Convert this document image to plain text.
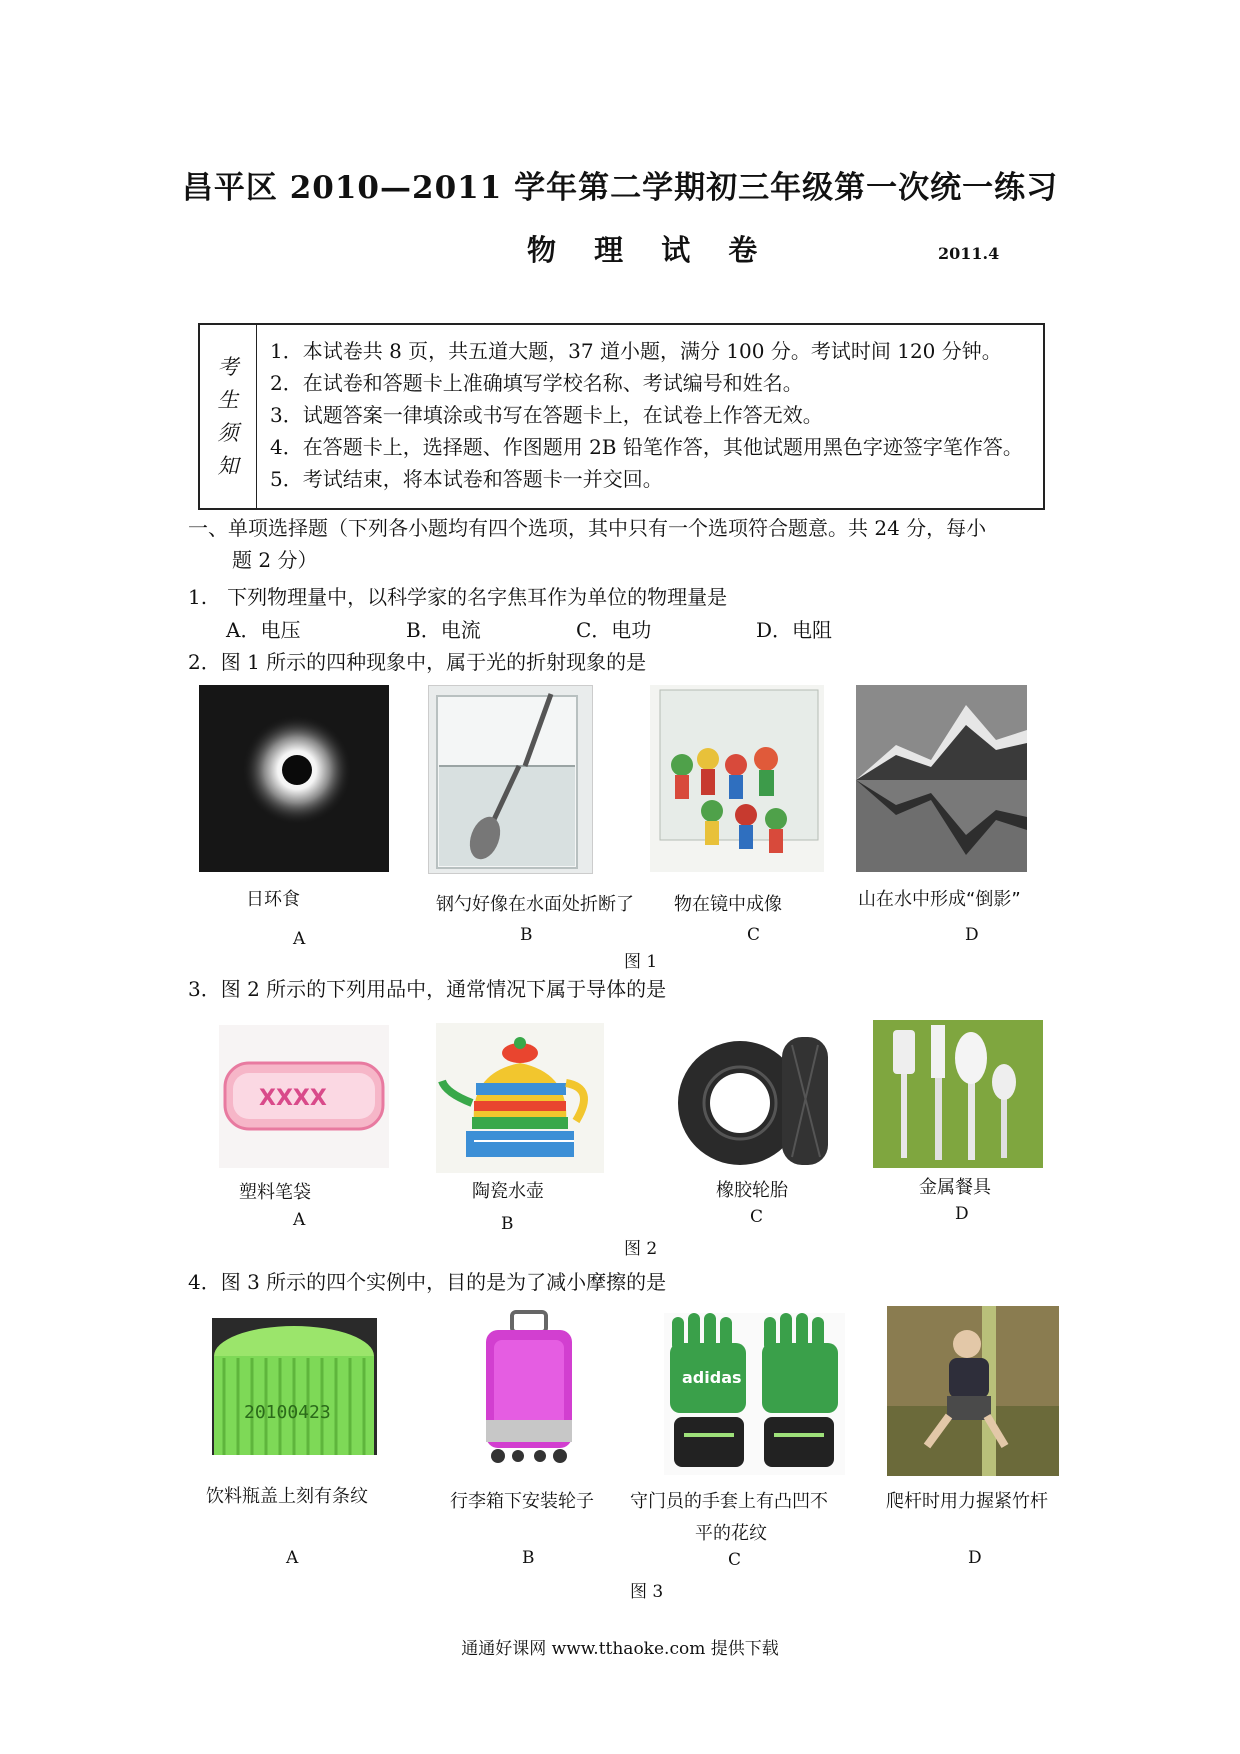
昌平区 2010—2011 学年第二学期初三年级第一次统一练习
物 理 试 卷	2011.4
考
生
须
知
1．本试卷共 8 页，共五道大题，37 道小题，满分 100 分。考试时间 120 分钟。
2．在试卷和答题卡上准确填写学校名称、考试编号和姓名。
3．试题答案一律填涂或书写在答题卡上，在试卷上作答无效。
4．在答题卡上，选择题、作图题用 2B 铅笔作答，其他试题用黑色字迹签字笔作答。
5．考试结束，将本试卷和答题卡一并交回。
一、单项选择题（下列各小题均有四个选项，其中只有一个选项符合题意。共 24 分，每小
题 2 分）
1.　下列物理量中，以科学家的名字焦耳作为单位的物理量是
A．电压	B．电流	C．电功	D．电阻
2．图 1 所示的四种现象中，属于光的折射现象的是
日环食	钢勺好像在水面处折断了 物在镜中成像	山在水中形成“倒影”
A	B	C	D
图 1
3．图 2 所示的下列用品中，通常情况下属于导体的是
XXXX
塑料笔袋	陶瓷水壶	橡胶轮胎	金属餐具
A	B	C	D
图 2
4．图 3 所示的四个实例中，目的是为了减小摩擦的是
20100423
adidas
饮料瓶盖上刻有条纹	行李箱下安装轮子 守门员的手套上有凸凹不
平的花纹
爬杆时用力握紧竹杆
A	B	C	D
图 3
通通好课网 www.tthaoke.com 提供下载
